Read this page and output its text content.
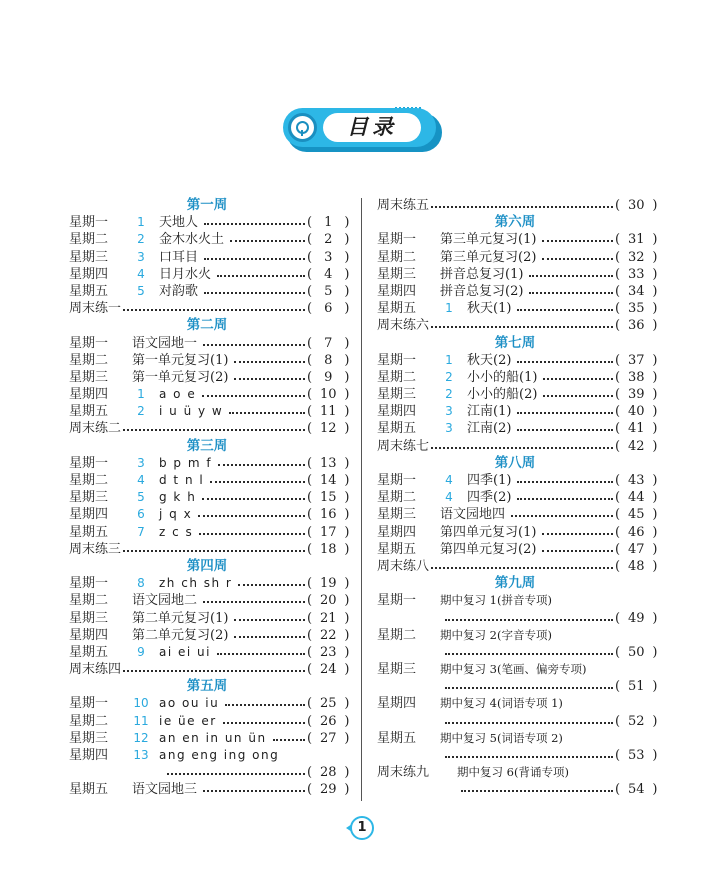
目录
第一周
星期一	1	天地人	( 1 )
星期二	2	金木水火土	( 2 )
星期三	3	口耳目	( 3 )
星期四	4	日月水火	( 4 )
星期五	5	对韵歌	( 5 )
周末练一	( 6 )
第二周
星期一 语文园地一	( 7 )
星期二 第一单元复习(1)	( 8 )
星期三 第一单元复习(2)	( 9 )
星期四	1	a o e	( 10 )
星期五	2	i u ü y w	( 11 )
周末练二	( 12 )
第三周
星期一	3	b p m f	( 13 )
星期二	4	d t n l	( 14 )
星期三	5	g k h	( 15 )
星期四	6	j q x	( 16 )
星期五	7	z c s	( 17 )
周末练三	( 18 )
第四周
星期一	8	zh ch sh r	( 19 )
星期二 语文园地二	( 20 )
星期三 第二单元复习(1)	( 21 )
星期四 第二单元复习(2)	( 22 )
星期五	9	ai ei ui	( 23 )
周末练四	( 24 )
第五周
星期一 10 ao ou iu	( 25 )
星期二 11 ie üe er	( 26 )
星期三 12 an en in un ün	( 27 )
星期四 13 ang eng ing ong
( 28 )
星期五 语文园地三	( 29 )
周末练五	( 30 )
第六周
星期一 第三单元复习(1)	( 31 )
星期二 第三单元复习(2)	( 32 )
星期三 拼音总复习(1)	( 33 )
星期四 拼音总复习(2)	( 34 )
星期五	1	秋天(1)	( 35 )
周末练六	( 36 )
第七周
星期一	1	秋天(2)	( 37 )
星期二	2	小小的船(1)	( 38 )
星期三	2	小小的船(2)	( 39 )
星期四	3	江南(1)	( 40 )
星期五	3	江南(2)	( 41 )
周末练七	( 42 )
第八周
星期一	4	四季(1)	( 43 )
星期二	4	四季(2)	( 44 )
星期三 语文园地四	( 45 )
星期四 第四单元复习(1)	( 46 )
星期五 第四单元复习(2)	( 47 )
周末练八	( 48 )
第九周
星期一 期中复习 1(拼音专项)
( 49 )
星期二 期中复习 2(字音专项)
( 50 )
星期三 期中复习 3(笔画、偏旁专项)
( 51 )
星期四 期中复习 4(词语专项 1)
( 52 )
星期五 期中复习 5(词语专项 2)
( 53 )
周末练九 期中复习 6(背诵专项)
( 54 )
1
